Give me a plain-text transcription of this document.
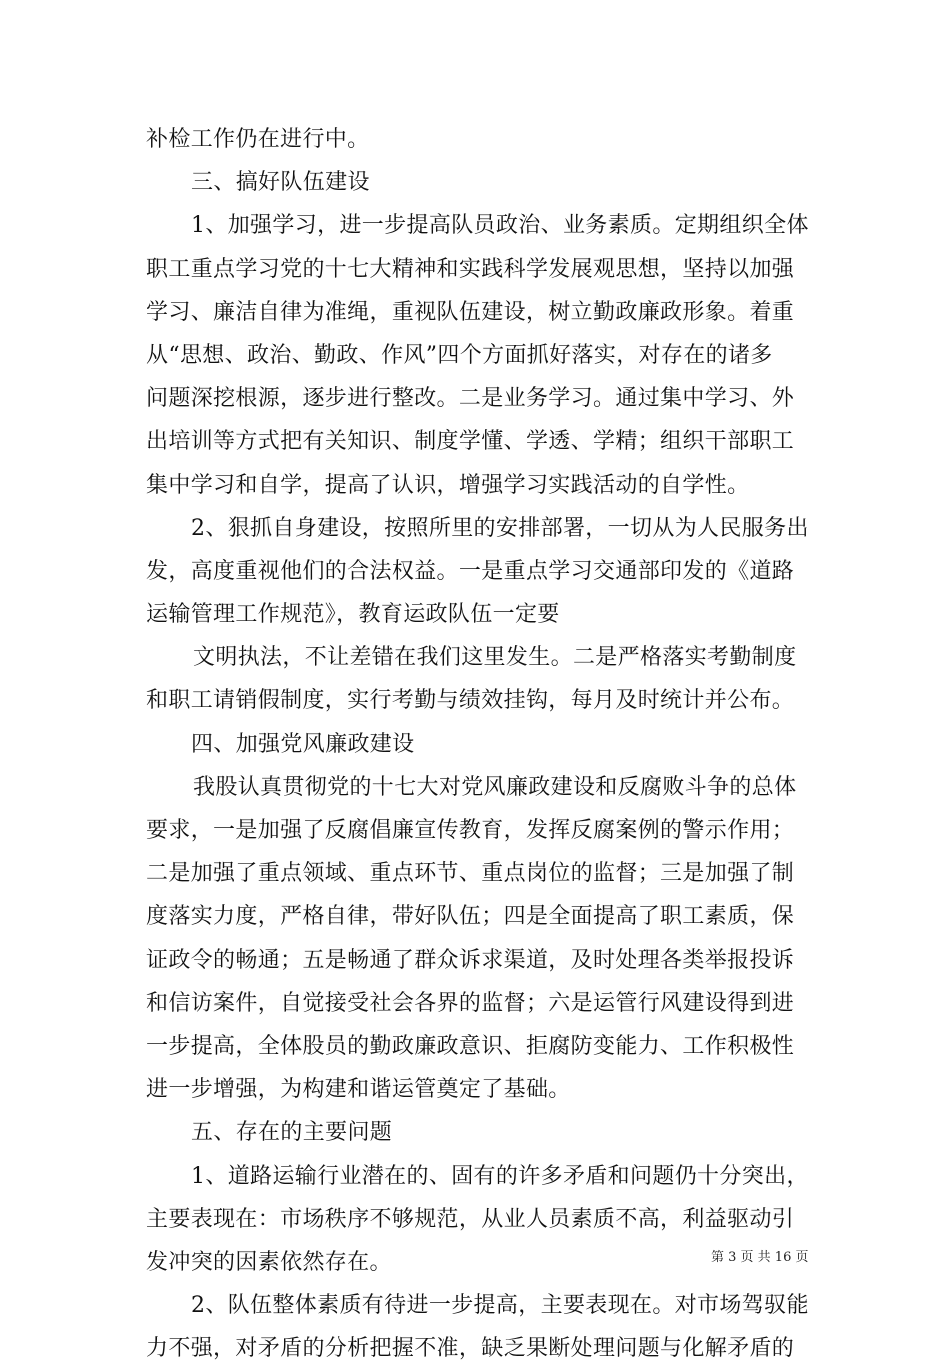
补检工作仍在进行中。
三、搞好队伍建设
1、加强学习，进一步提高队员政治、业务素质。定期组织全体
职工重点学习党的十七大精神和实践科学发展观思想，坚持以加强
学习、廉洁自律为准绳，重视队伍建设，树立勤政廉政形象。着重
从“思想、政治、勤政、作风”四个方面抓好落实，对存在的诸多
问题深挖根源，逐步进行整改。二是业务学习。通过集中学习、外
出培训等方式把有关知识、制度学懂、学透、学精；组织干部职工
集中学习和自学，提高了认识，增强学习实践活动的自学性。
2、狠抓自身建设，按照所里的安排部署，一切从为人民服务出
发，高度重视他们的合法权益。一是重点学习交通部印发的《道路
运输管理工作规范》，教育运政队伍一定要
文明执法，不让差错在我们这里发生。二是严格落实考勤制度
和职工请销假制度，实行考勤与绩效挂钩，每月及时统计并公布。
四、加强党风廉政建设
我股认真贯彻党的十七大对党风廉政建设和反腐败斗争的总体
要求，一是加强了反腐倡廉宣传教育，发挥反腐案例的警示作用；
二是加强了重点领域、重点环节、重点岗位的监督；三是加强了制
度落实力度，严格自律，带好队伍；四是全面提高了职工素质，保
证政令的畅通；五是畅通了群众诉求渠道，及时处理各类举报投诉
和信访案件，自觉接受社会各界的监督；六是运管行风建设得到进
一步提高，全体股员的勤政廉政意识、拒腐防变能力、工作积极性
进一步增强，为构建和谐运管奠定了基础。
五、存在的主要问题
1、道路运输行业潜在的、固有的许多矛盾和问题仍十分突出，
主要表现在：市场秩序不够规范，从业人员素质不高，利益驱动引
发冲突的因素依然存在。
2、队伍整体素质有待进一步提高，主要表现在。对市场驾驭能
力不强，对矛盾的分析把握不准，缺乏果断处理问题与化解矛盾的
第 3 页 共 16 页
